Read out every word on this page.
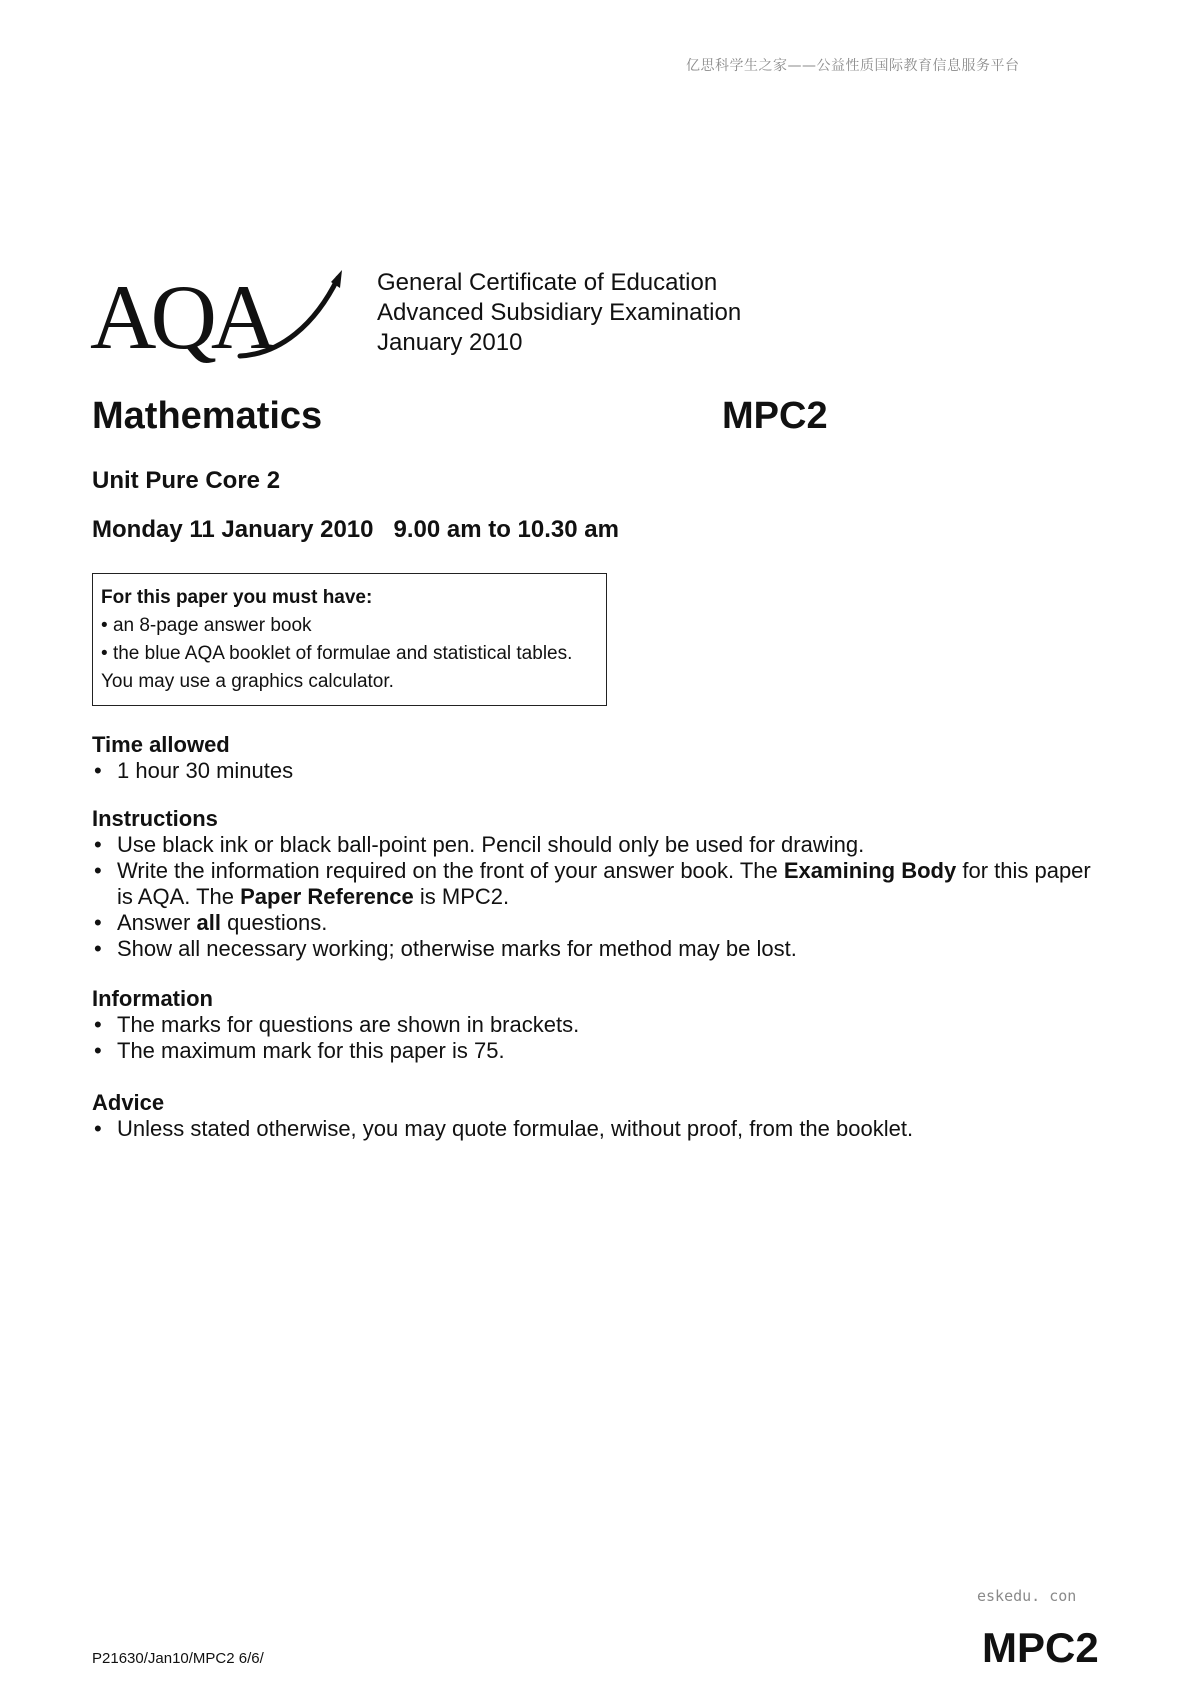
亿思科学生之家——公益性质国际教育信息服务平台
AQA	General Certificate of Education
Advanced Subsidiary Examination
January 2010
Mathematics	MPC2
Unit Pure Core 2
Monday 11 January 2010 9.00 am to 10.30 am
For this paper you must have:
• an 8-page answer book
• the blue AQA booklet of formulae and statistical tables.
You may use a graphics calculator.
Time allowed
• 1 hour 30 minutes
Instructions
• Use black ink or black ball-point pen. Pencil should only be used for drawing.
• Write the information required on the front of your answer book. The Examining Body for this paper is AQA. The Paper Reference is MPC2.
• Answer all questions.
• Show all necessary working; otherwise marks for method may be lost.
Information
• The marks for questions are shown in brackets.
• The maximum mark for this paper is 75.
Advice
• Unless stated otherwise, you may quote formulae, without proof, from the booklet.
eskedu. con
P21630/Jan10/MPC2 6/6/	MPC2
